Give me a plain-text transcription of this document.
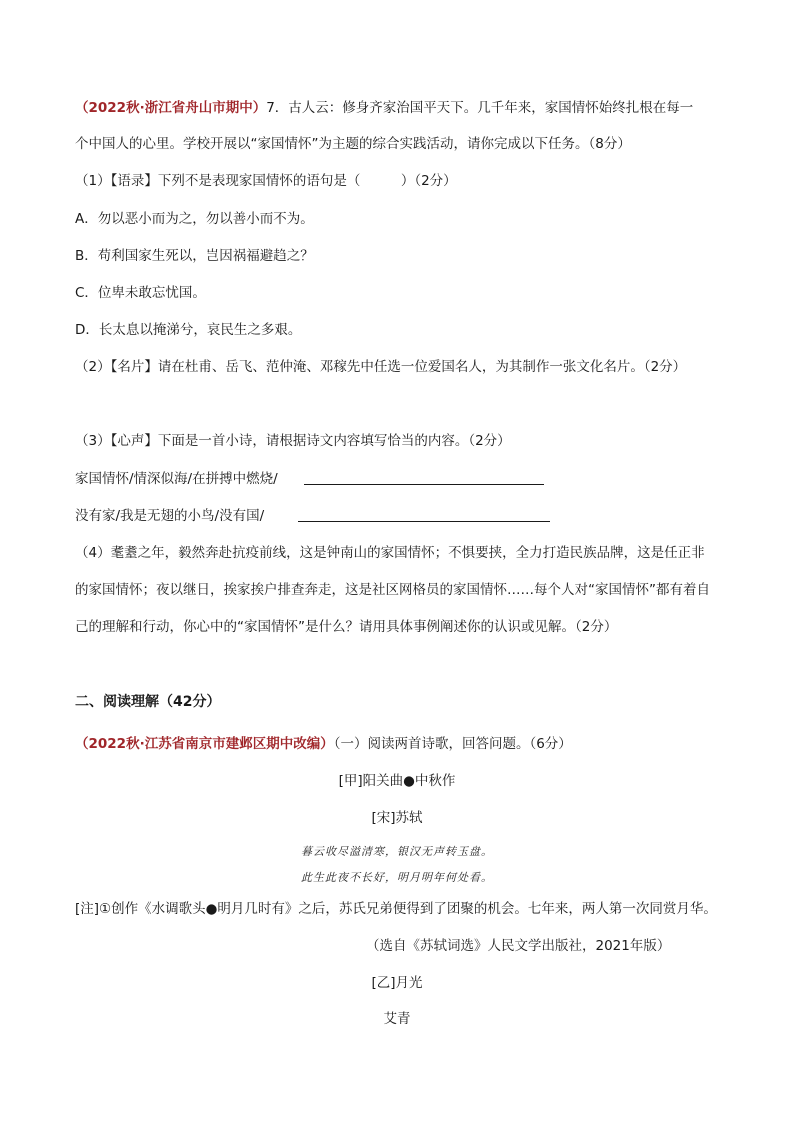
（2022秋·浙江省舟山市期中）7．古人云：修身齐家治国平天下。几千年来，家国情怀始终扎根在每一
个中国人的心里。学校开展以“家国情怀”为主题的综合实践活动，请你完成以下任务。（8分）
（1）【语录】下列不是表现家国情怀的语句是（　　　）（2分）
A．勿以恶小而为之，勿以善小而不为。
B．苟利国家生死以，岂因祸福避趋之？
C．位卑未敢忘忧国。
D．长太息以掩涕兮，哀民生之多艰。
（2）【名片】请在杜甫、岳飞、范仲淹、邓稼先中任选一位爱国名人，为其制作一张文化名片。（2分）
（3）【心声】下面是一首小诗，请根据诗文内容填写恰当的内容。（2分）
家国情怀/情深似海/在拼搏中燃烧/
没有家/我是无翅的小鸟/没有国/
（4）耄耋之年，毅然奔赴抗疫前线，这是钟南山的家国情怀；不惧要挟，全力打造民族品牌，这是任正非
的家国情怀；夜以继日，挨家挨户排查奔走，这是社区网格员的家国情怀……每个人对“家国情怀”都有着自
己的理解和行动，你心中的“家国情怀”是什么？请用具体事例阐述你的认识或见解。（2分）
二、阅读理解（42分）
（2022秋·江苏省南京市建邺区期中改编）（一）阅读两首诗歌，回答问题。（6分）
[甲]阳关曲●中秋作
[宋]苏轼
暮云收尽溢清寒，银汉无声转玉盘。
此生此夜不长好，明月明年何处看。
[注]①创作《水调歌头●明月几时有》之后，苏氏兄弟便得到了团聚的机会。七年来，两人第一次同赏月华。
（选自《苏轼词选》人民文学出版社，2021年版）
[乙]月光
艾青
